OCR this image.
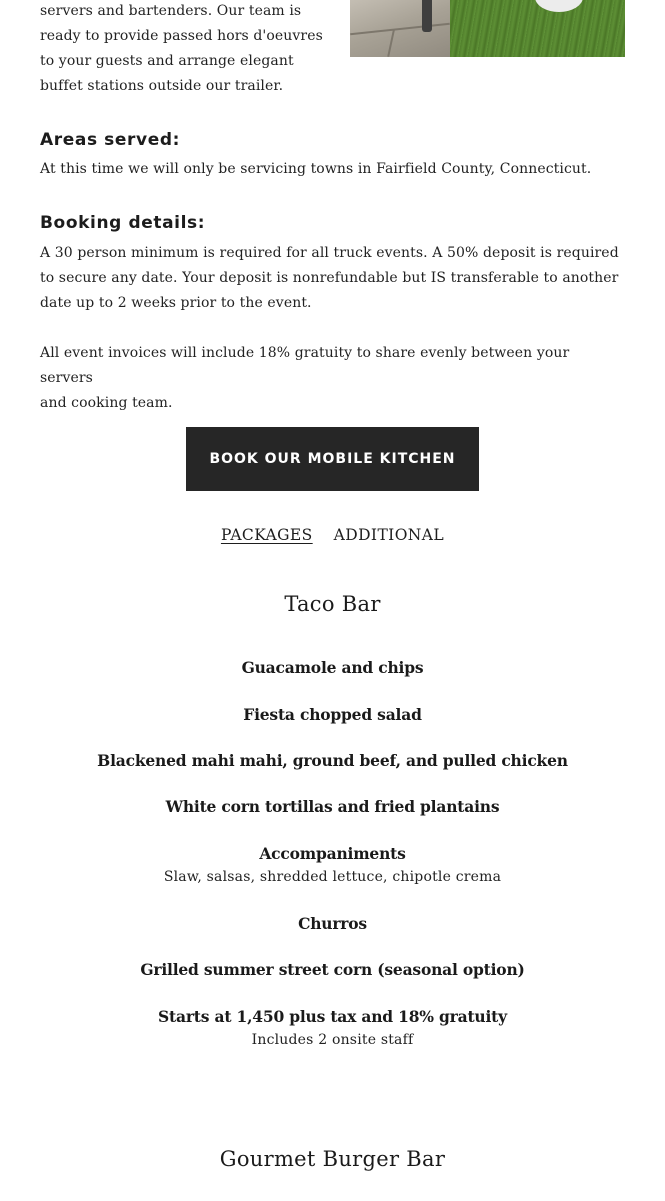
servers and bartenders. Our team is
ready to provide passed hors d'oeuvres
to your guests and arrange elegant
buffet stations outside our trailer.
Areas served:
At this time we will only be servicing towns in Fairfield County, Connecticut.
Booking details:
A 30 person minimum is required for all truck events. A 50% deposit is required
to secure any date. Your deposit is nonrefundable but IS transferable to another
date up to 2 weeks prior to the event.
All event invoices will include 18% gratuity to share evenly between your servers
and cooking team.
BOOK OUR MOBILE KITCHEN
PACKAGES ADDITIONAL
Taco Bar
Guacamole and chips
Fiesta chopped salad
Blackened mahi mahi, ground beef, and pulled chicken
White corn tortillas and fried plantains
Accompaniments
Slaw, salsas, shredded lettuce, chipotle crema
Churros
Grilled summer street corn (seasonal option)
Starts at 1,450 plus tax and 18% gratuity
Includes 2 onsite staff
Gourmet Burger Bar
